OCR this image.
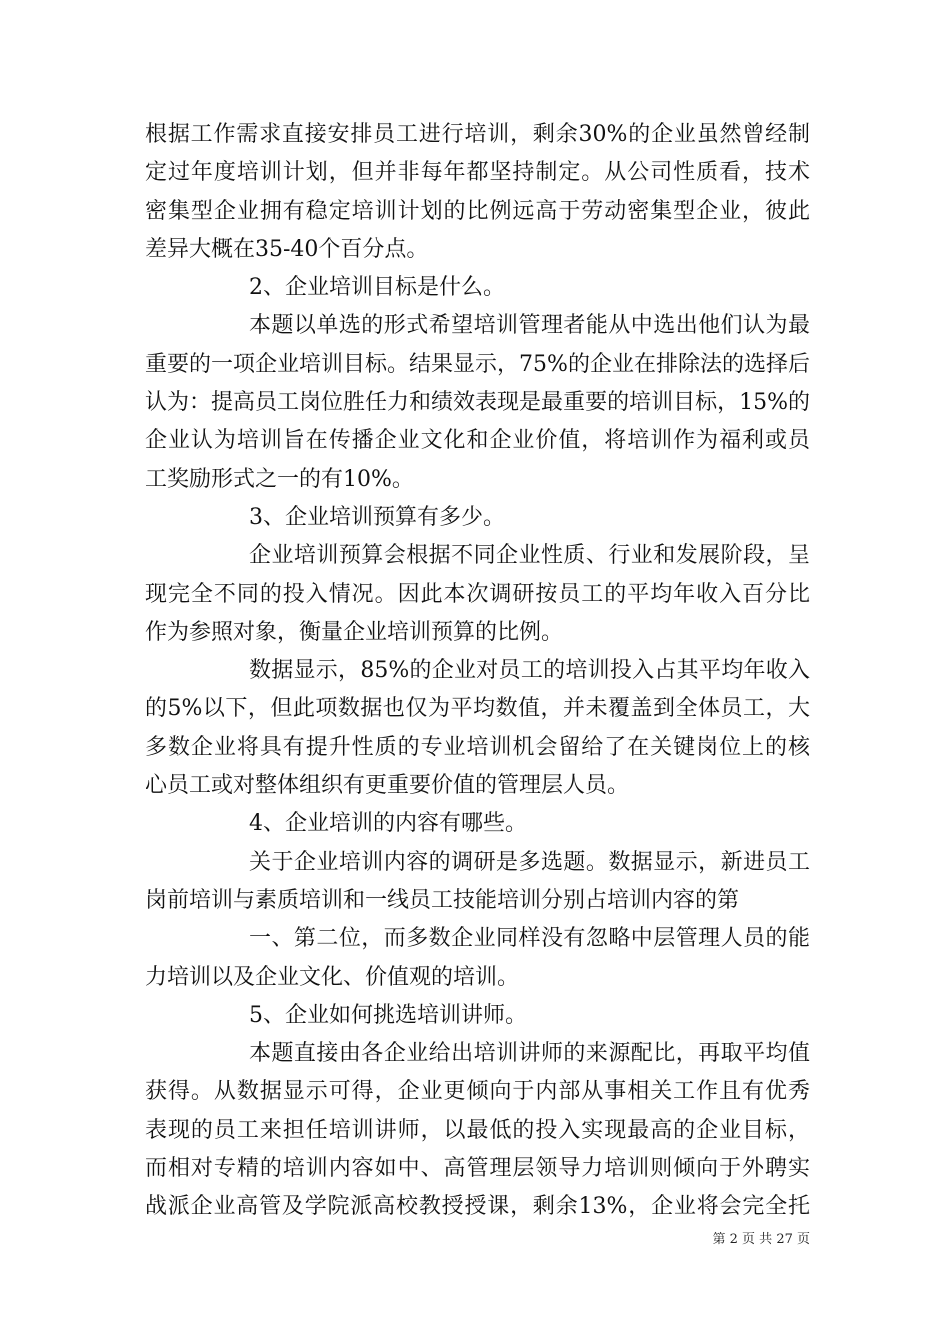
根据工作需求直接安排员工进行培训，剩余30%的企业虽然曾经制
定过年度培训计划，但并非每年都坚持制定。从公司性质看，技术
密集型企业拥有稳定培训计划的比例远高于劳动密集型企业，彼此
差异大概在35-40个百分点。
2、企业培训目标是什么。
本题以单选的形式希望培训管理者能从中选出他们认为最
重要的一项企业培训目标。结果显示，75%的企业在排除法的选择后
认为：提高员工岗位胜任力和绩效表现是最重要的培训目标，15%的
企业认为培训旨在传播企业文化和企业价值，将培训作为福利或员
工奖励形式之一的有10%。
3、企业培训预算有多少。
企业培训预算会根据不同企业性质、行业和发展阶段，呈
现完全不同的投入情况。因此本次调研按员工的平均年收入百分比
作为参照对象，衡量企业培训预算的比例。
数据显示，85%的企业对员工的培训投入占其平均年收入
的5%以下，但此项数据也仅为平均数值，并未覆盖到全体员工，大
多数企业将具有提升性质的专业培训机会留给了在关键岗位上的核
心员工或对整体组织有更重要价值的管理层人员。
4、企业培训的内容有哪些。
关于企业培训内容的调研是多选题。数据显示，新进员工
岗前培训与素质培训和一线员工技能培训分别占培训内容的第
一、第二位，而多数企业同样没有忽略中层管理人员的能
力培训以及企业文化、价值观的培训。
5、企业如何挑选培训讲师。
本题直接由各企业给出培训讲师的来源配比，再取平均值
获得。从数据显示可得，企业更倾向于内部从事相关工作且有优秀
表现的员工来担任培训讲师，以最低的投入实现最高的企业目标，
而相对专精的培训内容如中、高管理层领导力培训则倾向于外聘实
战派企业高管及学院派高校教授授课，剩余13%，企业将会完全托
第 2 页 共 27 页
